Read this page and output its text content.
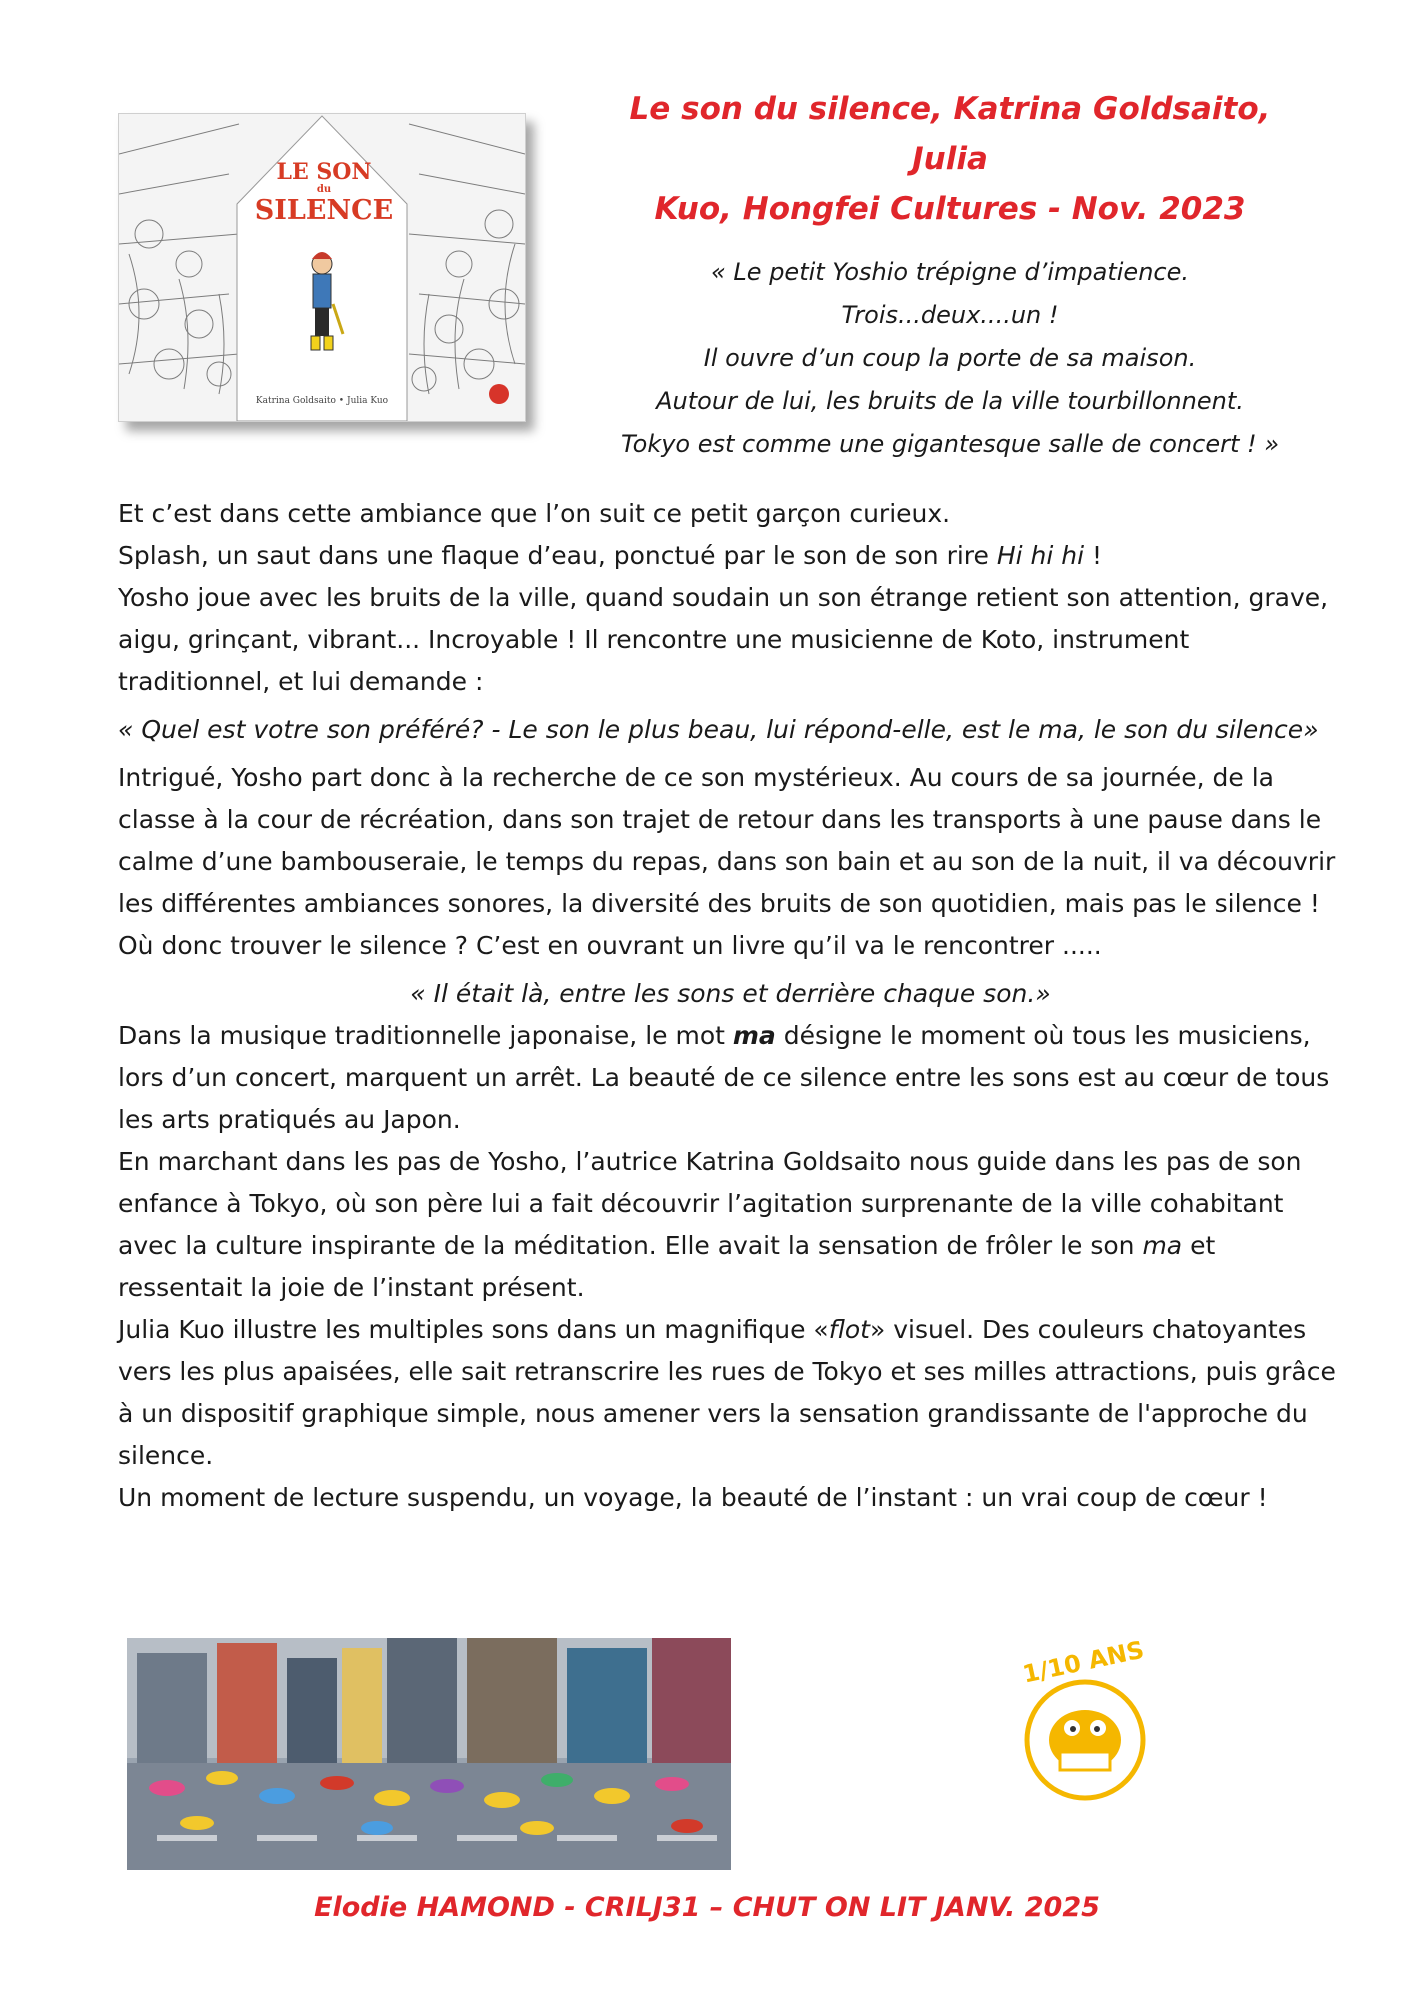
Le son du silence, Katrina Goldsaito, Julia
Kuo, Hongfei Cultures - Nov. 2023
LE SON
du
SILENCE
Katrina Goldsaito • Julia Kuo
« Le petit Yoshio trépigne d’impatience.
Trois...deux....un !
Il ouvre d’un coup la porte de sa maison.
Autour de lui, les bruits de la ville tourbillonnent.
Tokyo est comme une gigantesque salle de concert ! »

Et c’est dans cette ambiance que l’on suit ce petit garçon curieux.
Splash, un saut dans une flaque d’eau, ponctué par le son de son rire Hi hi hi !
Yosho joue avec les bruits de la ville, quand soudain un son étrange retient son attention, grave, aigu, grinçant, vibrant... Incroyable ! Il rencontre une musicienne de Koto, instrument traditionnel, et lui demande :

« Quel est votre son préféré? - Le son le plus beau, lui répond-elle, est le ma, le son du silence»

Intrigué, Yosho part donc à la recherche de ce son mystérieux. Au cours de sa journée, de la classe à la cour de récréation, dans son trajet de retour dans les transports à une pause dans le calme d’une bambouseraie, le temps du repas, dans son bain et au son de la nuit, il va découvrir les différentes ambiances sonores, la diversité des bruits de son quotidien, mais pas le silence !

Où donc trouver le silence ? C’est en ouvrant un livre qu’il va le rencontrer .....

« Il était là, entre les sons et derrière chaque son.»

Dans la musique traditionnelle japonaise, le mot ma désigne le moment où tous les musiciens, lors d’un concert, marquent un arrêt. La beauté de ce silence entre les sons est au cœur de tous les arts pratiqués au Japon.

En marchant dans les pas de Yosho, l’autrice Katrina Goldsaito nous guide dans les pas de son enfance à Tokyo, où son père lui a fait découvrir l’agitation surprenante de la ville cohabitant avec la culture inspirante de la méditation. Elle avait la sensation de frôler le son ma et ressentait la joie de l’instant présent.

Julia Kuo illustre les multiples sons dans un magnifique «flot» visuel. Des couleurs chatoyantes vers les plus apaisées, elle sait retranscrire les rues de Tokyo et ses milles attractions, puis grâce à un dispositif graphique simple, nous amener vers la sensation grandissante de l'approche du silence.

Un moment de lecture suspendu, un voyage, la beauté de l’instant : un vrai coup de cœur !

1/10 ANS
Elodie HAMOND - CRILJ31 – CHUT ON LIT JANV. 2025
